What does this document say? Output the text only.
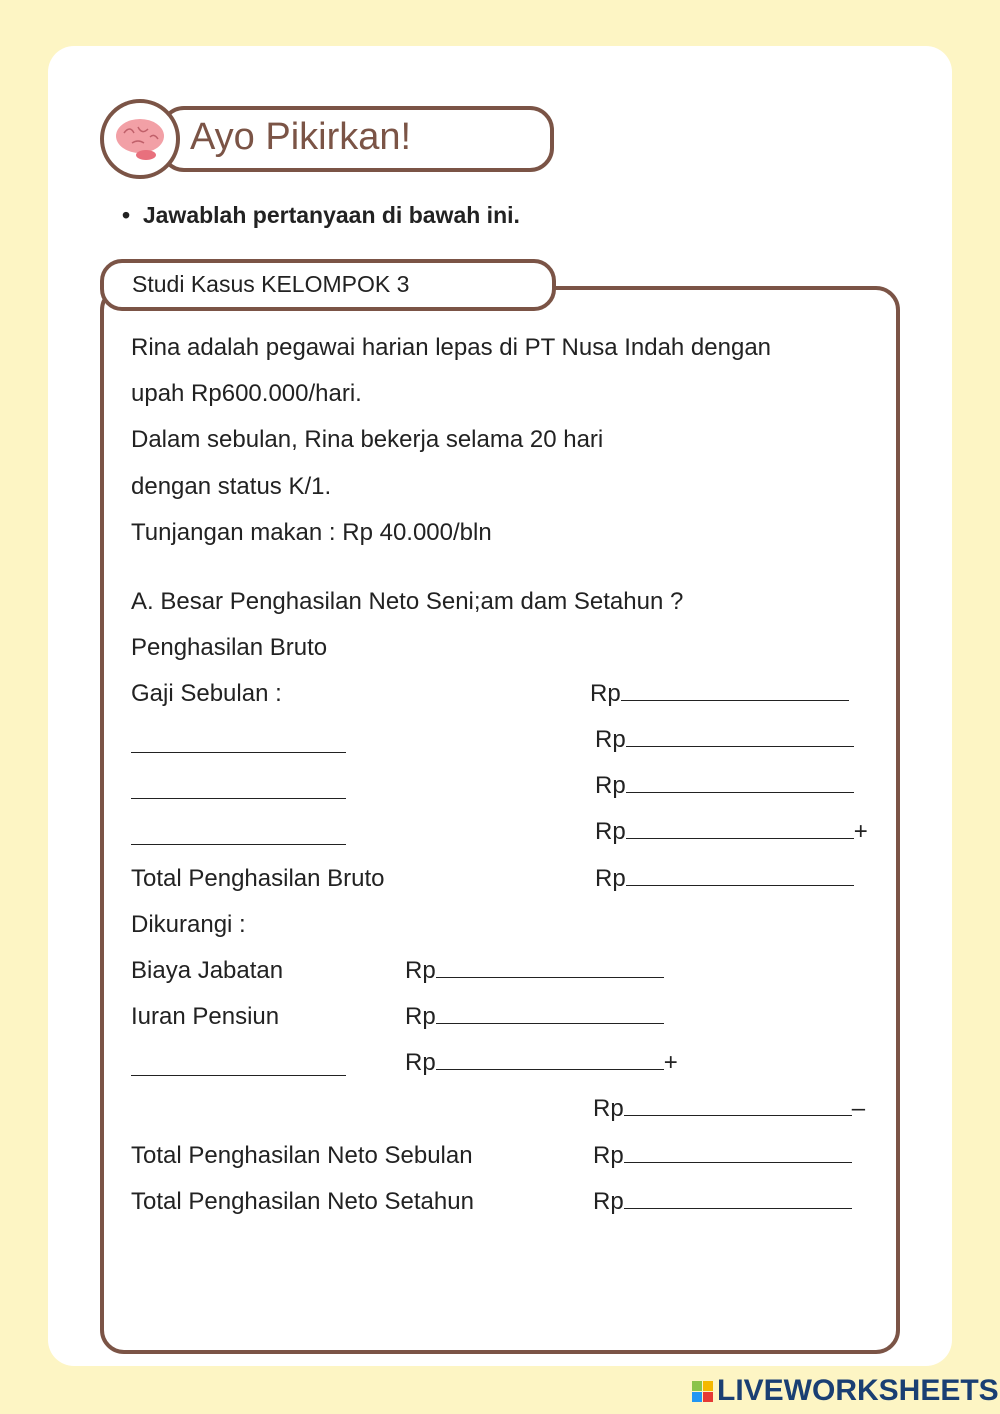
Ayo Pikirkan!
•  Jawablah pertanyaan di bawah ini.
Studi Kasus KELOMPOK 3
Rina adalah pegawai harian lepas di PT Nusa Indah dengan
upah Rp600.000/hari.
Dalam sebulan, Rina bekerja selama 20 hari
dengan status K/1.
Tunjangan makan : Rp 40.000/bln
A. Besar Penghasilan Neto Seni;am dam Setahun ?
Penghasilan Bruto
Gaji Sebulan :	Rp
Rp
Rp
Rp	+
Total Penghasilan Bruto	Rp
Dikurangi :
Biaya Jabatan	Rp
Iuran Pensiun	Rp
Rp	+
Rp	–
Total Penghasilan Neto Sebulan	Rp
Total Penghasilan Neto Setahun	Rp
LIVEWORKSHEETS
